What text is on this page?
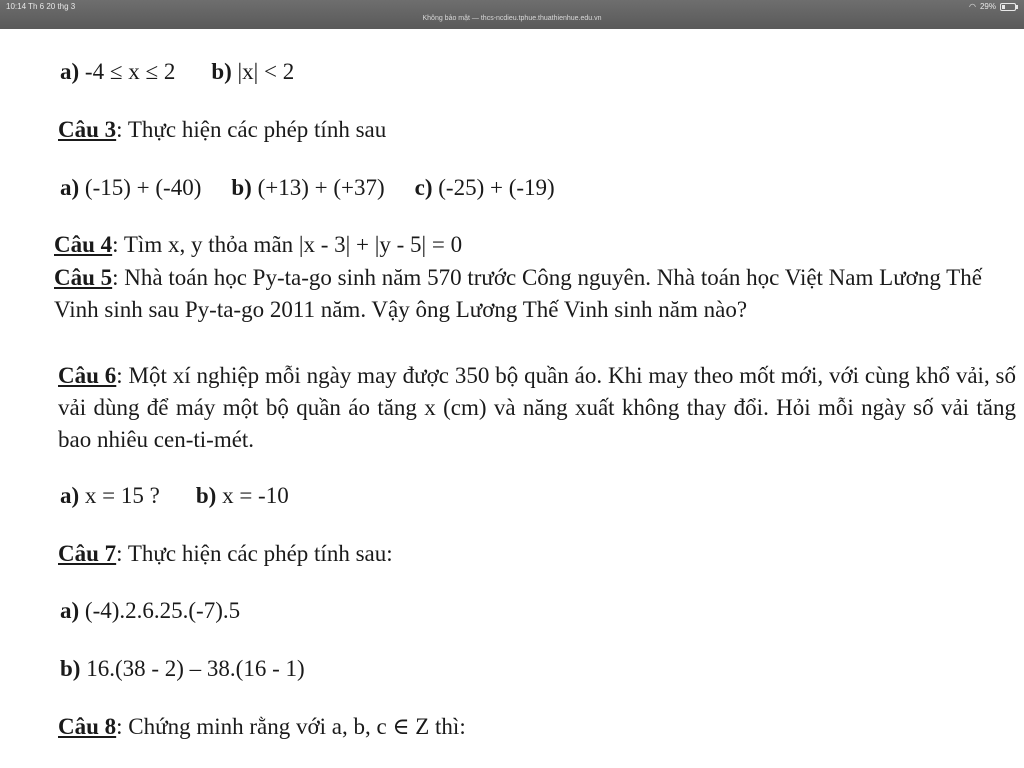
10:14 Th 6 20 thg 3
Không bảo mật — thcs-ncdieu.tphue.thuathienhue.edu.vn
◠ 29%
a) -4 ≤ x ≤ 2 b) |x| < 2
Câu 3: Thực hiện các phép tính sau
a) (-15) + (-40) b) (+13) + (+37) c) (-25) + (-19)
Câu 4: Tìm x, y thỏa mãn |x - 3| + |y - 5| = 0
Câu 5: Nhà toán học Py-ta-go sinh năm 570 trước Công nguyên. Nhà toán học Việt Nam Lương Thế Vinh sinh sau Py-ta-go 2011 năm. Vậy ông Lương Thế Vinh sinh năm nào?
Câu 6: Một xí nghiệp mỗi ngày may được 350 bộ quần áo. Khi may theo mốt mới, với cùng khổ vải, số vải dùng để máy một bộ quần áo tăng x (cm) và năng xuất không thay đổi. Hỏi mỗi ngày số vải tăng bao nhiêu cen-ti-mét.
a) x = 15 ? b) x = -10
Câu 7: Thực hiện các phép tính sau:
a) (-4).2.6.25.(-7).5
b) 16.(38 - 2) – 38.(16 - 1)
Câu 8: Chứng minh rằng với a, b, c ∈ Z thì:
